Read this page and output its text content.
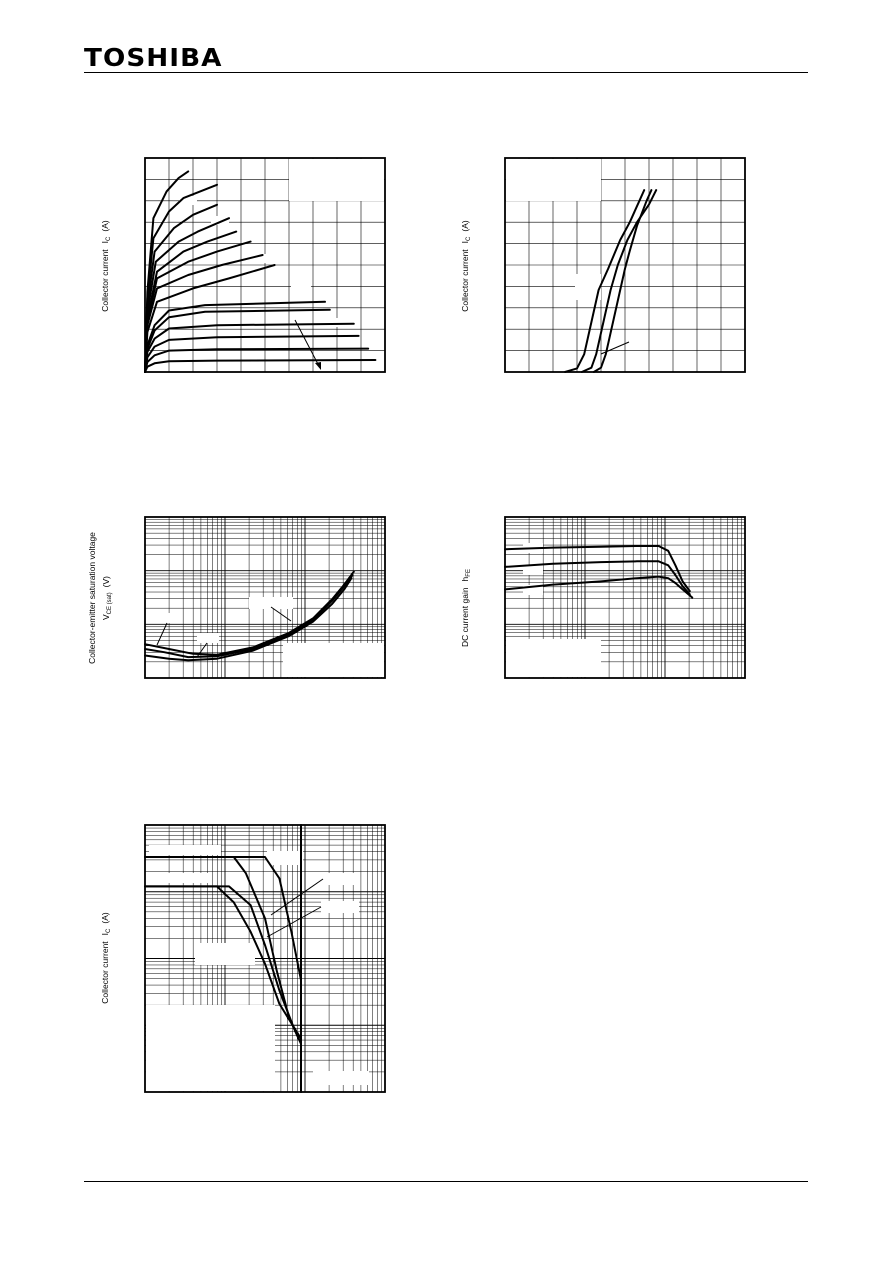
TOSHIBA
Collector currentI$_C$(A)
Collector currentI$_C$(A)
Collector-emitter saturation voltage $V_{CE (sat)}(V)$
DC current gainh$_{FE}$
Collector currentI$_C$(A)
